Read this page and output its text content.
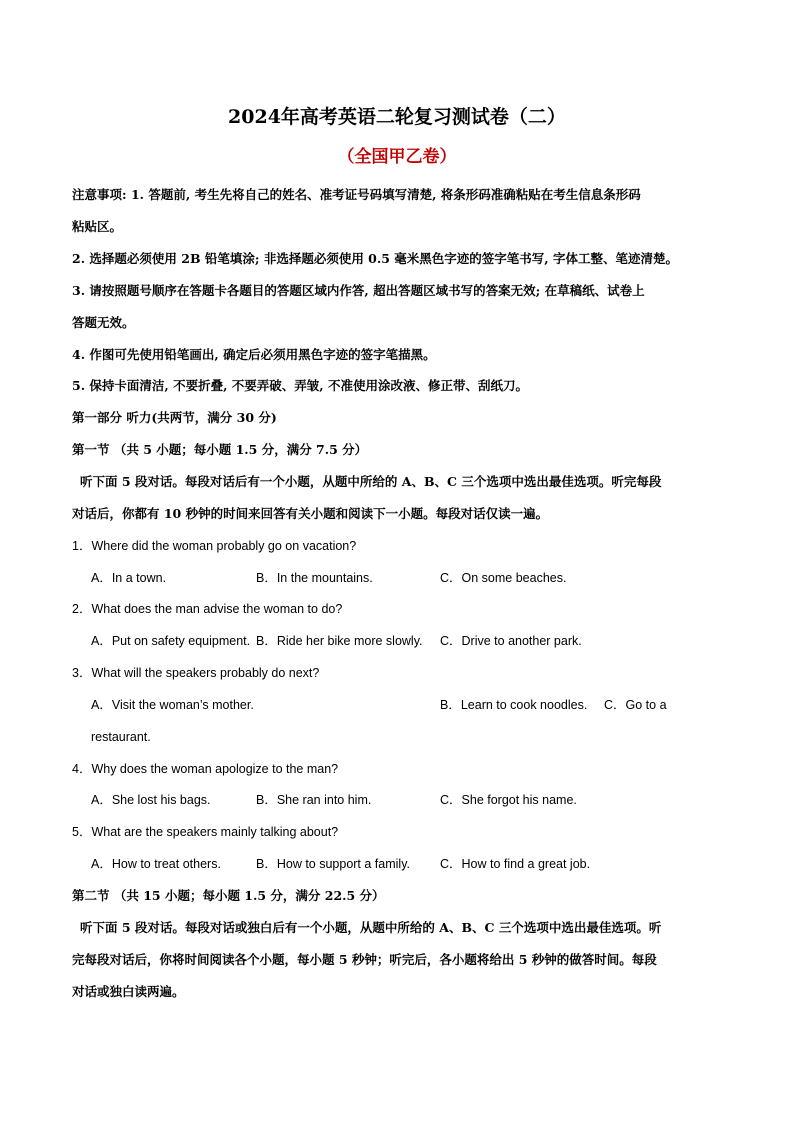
2024年高考英语二轮复习测试卷（二）
（全国甲乙卷）
注意事项: 1. 答题前, 考生先将自己的姓名、准考证号码填写清楚, 将条形码准确粘贴在考生信息条形码
粘贴区。
2. 选择题必须使用 2B 铅笔填涂; 非选择题必须使用 0.5 毫米黑色字迹的签字笔书写, 字体工整、笔迹清楚。
3. 请按照题号顺序在答题卡各题目的答题区域内作答, 超出答题区域书写的答案无效; 在草稿纸、试卷上
答题无效。
4. 作图可先使用铅笔画出, 确定后必须用黑色字迹的签字笔描黑。
5. 保持卡面清洁, 不要折叠, 不要弄破、弄皱, 不准使用涂改液、修正带、刮纸刀。
第一部分 听力(共两节，满分 30 分)
第一节 （共 5 小题；每小题 1.5 分，满分 7.5 分）
听下面 5 段对话。每段对话后有一个小题，从题中所给的 A、B、C 三个选项中选出最佳选项。听完每段
对话后，你都有 10 秒钟的时间来回答有关小题和阅读下一小题。每段对话仅读一遍。
1．Where did the woman probably go on vacation?
A．In a town.	B．In the mountains.	C．On some beaches.
2．What does the man advise the woman to do?
A．Put on safety equipment. B．Ride her bike more slowly. C．Drive to another park.
3．What will the speakers probably do next?
A．Visit the woman’s mother.	B．Learn to cook noodles. C．Go to a
restaurant.
4．Why does the woman apologize to the man?
A．She lost his bags.	B．She ran into him.	C．She forgot his name.
5．What are the speakers mainly talking about?
A．How to treat others.	B．How to support a family. C．How to find a great job.
第二节 （共 15 小题；每小题 1.5 分，满分 22.5 分）
听下面 5 段对话。每段对话或独白后有一个小题，从题中所给的 A、B、C 三个选项中选出最佳选项。听
完每段对话后，你将时间阅读各个小题，每小题 5 秒钟；听完后，各小题将给出 5 秒钟的做答时间。每段
对话或独白读两遍。
